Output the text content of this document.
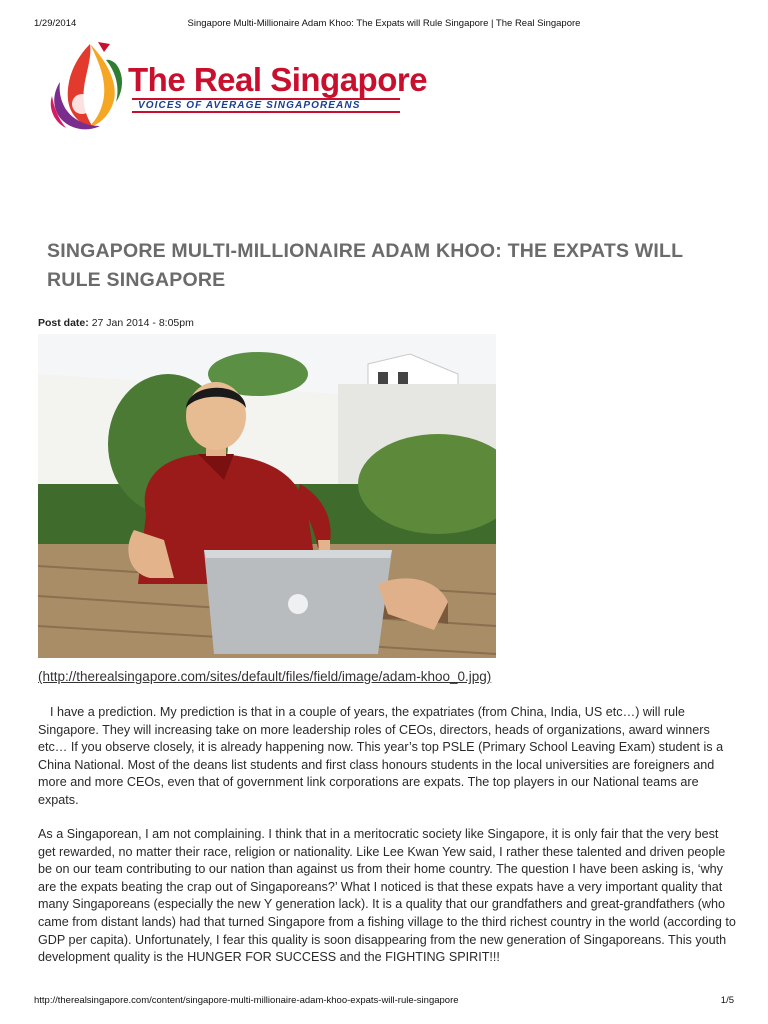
1/29/2014	Singapore Multi-Millionaire Adam Khoo: The Expats will Rule Singapore | The Real Singapore
The Real Singapore
VOICES OF AVERAGE SINGAPOREANS
SINGAPORE MULTI-MILLIONAIRE ADAM KHOO: THE EXPATS WILL RULE SINGAPORE
Post date: 27 Jan 2014 - 8:05pm
(http://therealsingapore.com/sites/default/files/field/image/adam-khoo_0.jpg)

I have a prediction. My prediction is that in a couple of years, the expatriates (from China, India, US etc…) will rule Singapore. They will increasing take on more leadership roles of CEOs, directors, heads of organizations, award winners etc… If you observe closely, it is already happening now. This year’s top PSLE (Primary School Leaving Exam) student is a China National. Most of the deans list students and first class honours students in the local universities are foreigners and more and more CEOs, even that of government link corporations are expats. The top players in our National teams are expats.

As a Singaporean, I am not complaining. I think that in a meritocratic society like Singapore, it is only fair that the very best get rewarded, no matter their race, religion or nationality. Like Lee Kwan Yew said, I rather these talented and driven people be on our team contributing to our nation than against us from their home country. The question I have been asking is, ‘why are the expats beating the crap out of Singaporeans?’ What I noticed is that these expats have a very important quality that many Singaporeans (especially the new Y generation lack). It is a quality that our grandfathers and great-grandfathers (who came from distant lands) had that turned Singapore from a fishing village to the third richest country in the world (according to GDP per capita). Unfortunately, I fear this quality is soon disappearing from the new generation of Singaporeans. This youth development quality is the HUNGER FOR SUCCESS and the FIGHTING SPIRIT!!!

http://therealsingapore.com/content/singapore-multi-millionaire-adam-khoo-expats-will-rule-singapore	1/5
